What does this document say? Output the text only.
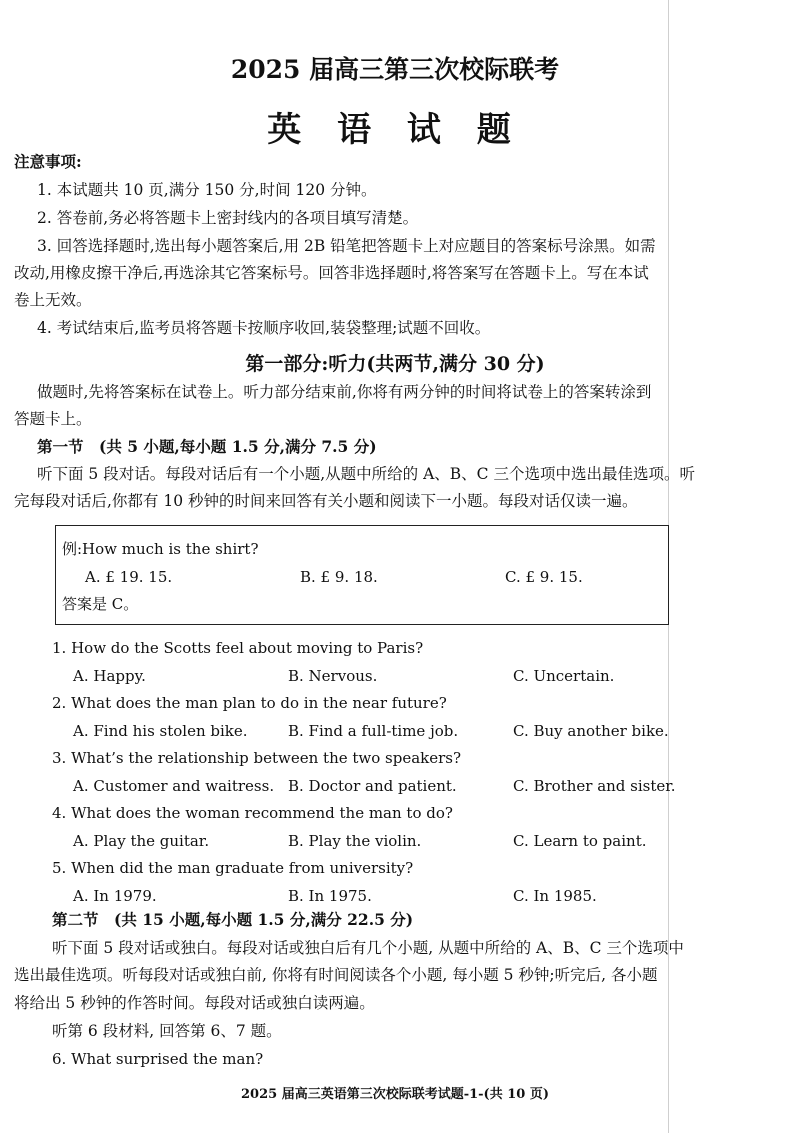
2025 届高三第三次校际联考
英 语 试 题
注意事项:
1. 本试题共 10 页,满分 150 分,时间 120 分钟。
2. 答卷前,务必将答题卡上密封线内的各项目填写清楚。
3. 回答选择题时,选出每小题答案后,用 2B 铅笔把答题卡上对应题目的答案标号涂黑。如需
改动,用橡皮擦干净后,再选涂其它答案标号。回答非选择题时,将答案写在答题卡上。写在本试
卷上无效。
4. 考试结束后,监考员将答题卡按顺序收回,装袋整理;试题不回收。
第一部分:听力(共两节,满分 30 分)
做题时,先将答案标在试卷上。听力部分结束前,你将有两分钟的时间将试卷上的答案转涂到
答题卡上。
第一节　(共 5 小题,每小题 1.5 分,满分 7.5 分)
听下面 5 段对话。每段对话后有一个小题,从题中所给的 A、B、C 三个选项中选出最佳选项。听
完每段对话后,你都有 10 秒钟的时间来回答有关小题和阅读下一小题。每段对话仅读一遍。
例:How much is the shirt?
A. £ 19. 15.	B. £ 9. 18.	C. £ 9. 15.
答案是 C。
1. How do the Scotts feel about moving to Paris?
A. Happy.	B. Nervous.	C. Uncertain.
2. What does the man plan to do in the near future?
A. Find his stolen bike.	B. Find a full-time job.	C. Buy another bike.
3. What’s the relationship between the two speakers?
A. Customer and waitress. B. Doctor and patient.	C. Brother and sister.
4. What does the woman recommend the man to do?
A. Play the guitar.	B. Play the violin.	C. Learn to paint.
5. When did the man graduate from university?
A. In 1979.	B. In 1975.	C. In 1985.
第二节　(共 15 小题,每小题 1.5 分,满分 22.5 分)
听下面 5 段对话或独白。每段对话或独白后有几个小题, 从题中所给的 A、B、C 三个选项中
选出最佳选项。听每段对话或独白前, 你将有时间阅读各个小题, 每小题 5 秒钟;听完后, 各小题
将给出 5 秒钟的作答时间。每段对话或独白读两遍。
听第 6 段材料, 回答第 6、7 题。
6. What surprised the man?
2025 届高三英语第三次校际联考试题-1-(共 10 页)
